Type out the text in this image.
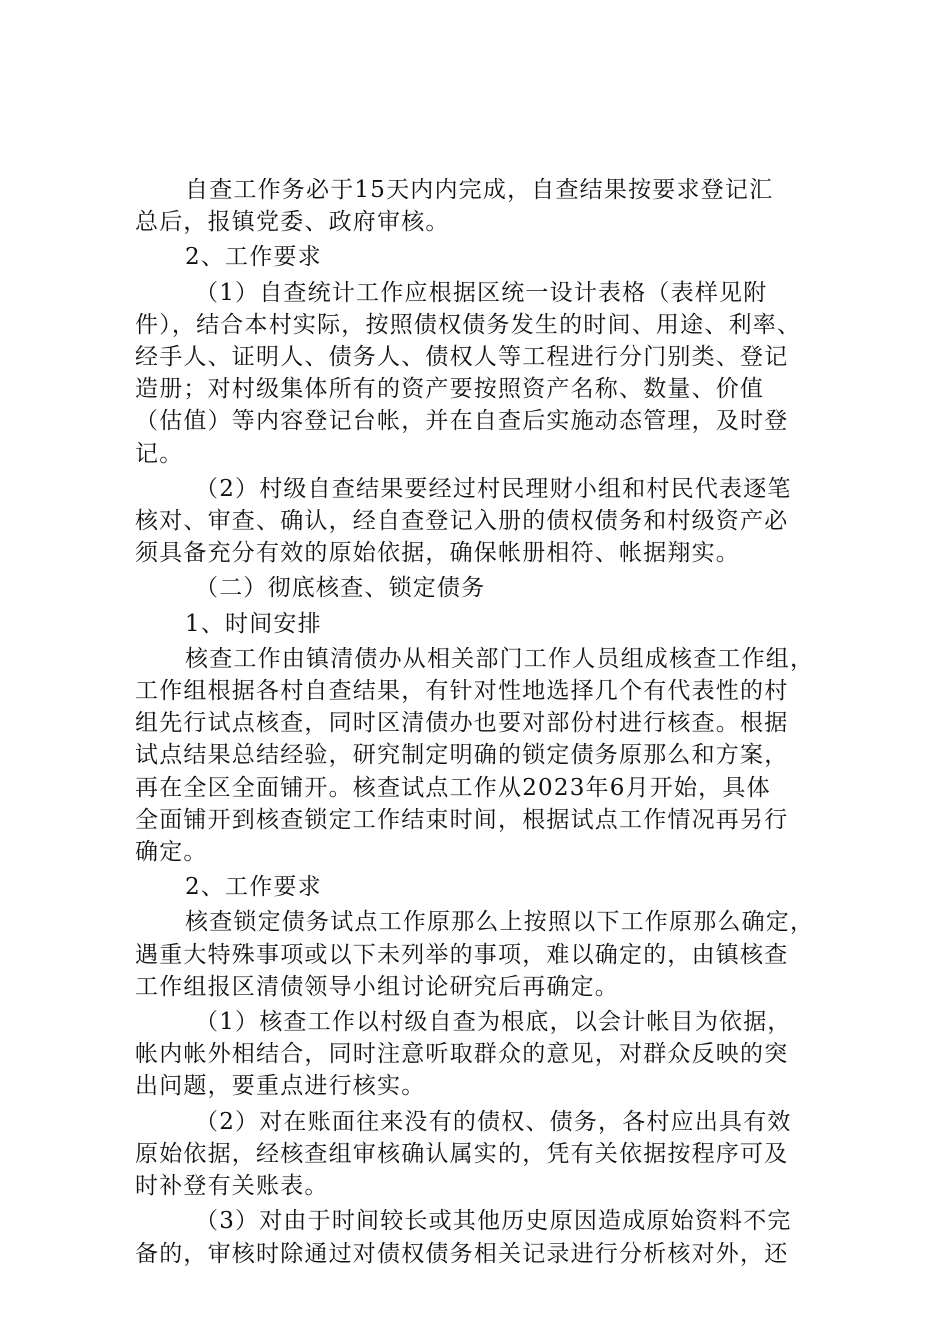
自查工作务必于15天内内完成，自查结果按要求登记汇
总后，报镇党委、政府审核。

2、工作要求

（1）自查统计工作应根据区统一设计表格（表样见附
件），结合本村实际，按照债权债务发生的时间、用途、利率、
经手人、证明人、债务人、债权人等工程进行分门别类、登记
造册；对村级集体所有的资产要按照资产名称、数量、价值
（估值）等内容登记台帐，并在自查后实施动态管理，及时登
记。

（2）村级自查结果要经过村民理财小组和村民代表逐笔
核对、审查、确认，经自查登记入册的债权债务和村级资产必
须具备充分有效的原始依据，确保帐册相符、帐据翔实。

（二）彻底核查、锁定债务

1、时间安排

核查工作由镇清债办从相关部门工作人员组成核查工作组，
工作组根据各村自查结果，有针对性地选择几个有代表性的村
组先行试点核查，同时区清债办也要对部份村进行核查。根据
试点结果总结经验，研究制定明确的锁定债务原那么和方案，
再在全区全面铺开。核查试点工作从2023年6月开始，具体
全面铺开到核查锁定工作结束时间，根据试点工作情况再另行
确定。

2、工作要求

核查锁定债务试点工作原那么上按照以下工作原那么确定，
遇重大特殊事项或以下未列举的事项，难以确定的，由镇核查
工作组报区清债领导小组讨论研究后再确定。

（1）核查工作以村级自查为根底，以会计帐目为依据，
帐内帐外相结合，同时注意听取群众的意见，对群众反映的突
出问题，要重点进行核实。

（2）对在账面往来没有的债权、债务，各村应出具有效
原始依据，经核查组审核确认属实的，凭有关依据按程序可及
时补登有关账表。

（3）对由于时间较长或其他历史原因造成原始资料不完
备的，审核时除通过对债权债务相关记录进行分析核对外，还
